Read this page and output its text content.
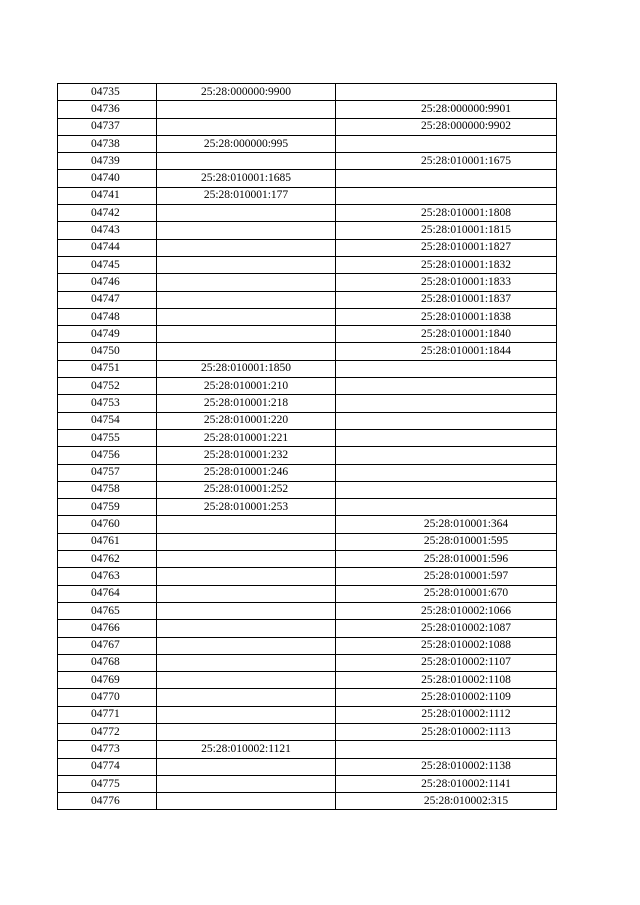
04735	25:28:000000:9900	
04736		25:28:000000:9901
04737		25:28:000000:9902
04738	25:28:000000:995	
04739		25:28:010001:1675
04740	25:28:010001:1685	
04741	25:28:010001:177	
04742		25:28:010001:1808
04743		25:28:010001:1815
04744		25:28:010001:1827
04745		25:28:010001:1832
04746		25:28:010001:1833
04747		25:28:010001:1837
04748		25:28:010001:1838
04749		25:28:010001:1840
04750		25:28:010001:1844
04751	25:28:010001:1850	
04752	25:28:010001:210	
04753	25:28:010001:218	
04754	25:28:010001:220	
04755	25:28:010001:221	
04756	25:28:010001:232	
04757	25:28:010001:246	
04758	25:28:010001:252	
04759	25:28:010001:253	
04760		25:28:010001:364
04761		25:28:010001:595
04762		25:28:010001:596
04763		25:28:010001:597
04764		25:28:010001:670
04765		25:28:010002:1066
04766		25:28:010002:1087
04767		25:28:010002:1088
04768		25:28:010002:1107
04769		25:28:010002:1108
04770		25:28:010002:1109
04771		25:28:010002:1112
04772		25:28:010002:1113
04773	25:28:010002:1121	
04774		25:28:010002:1138
04775		25:28:010002:1141
04776		25:28:010002:315
